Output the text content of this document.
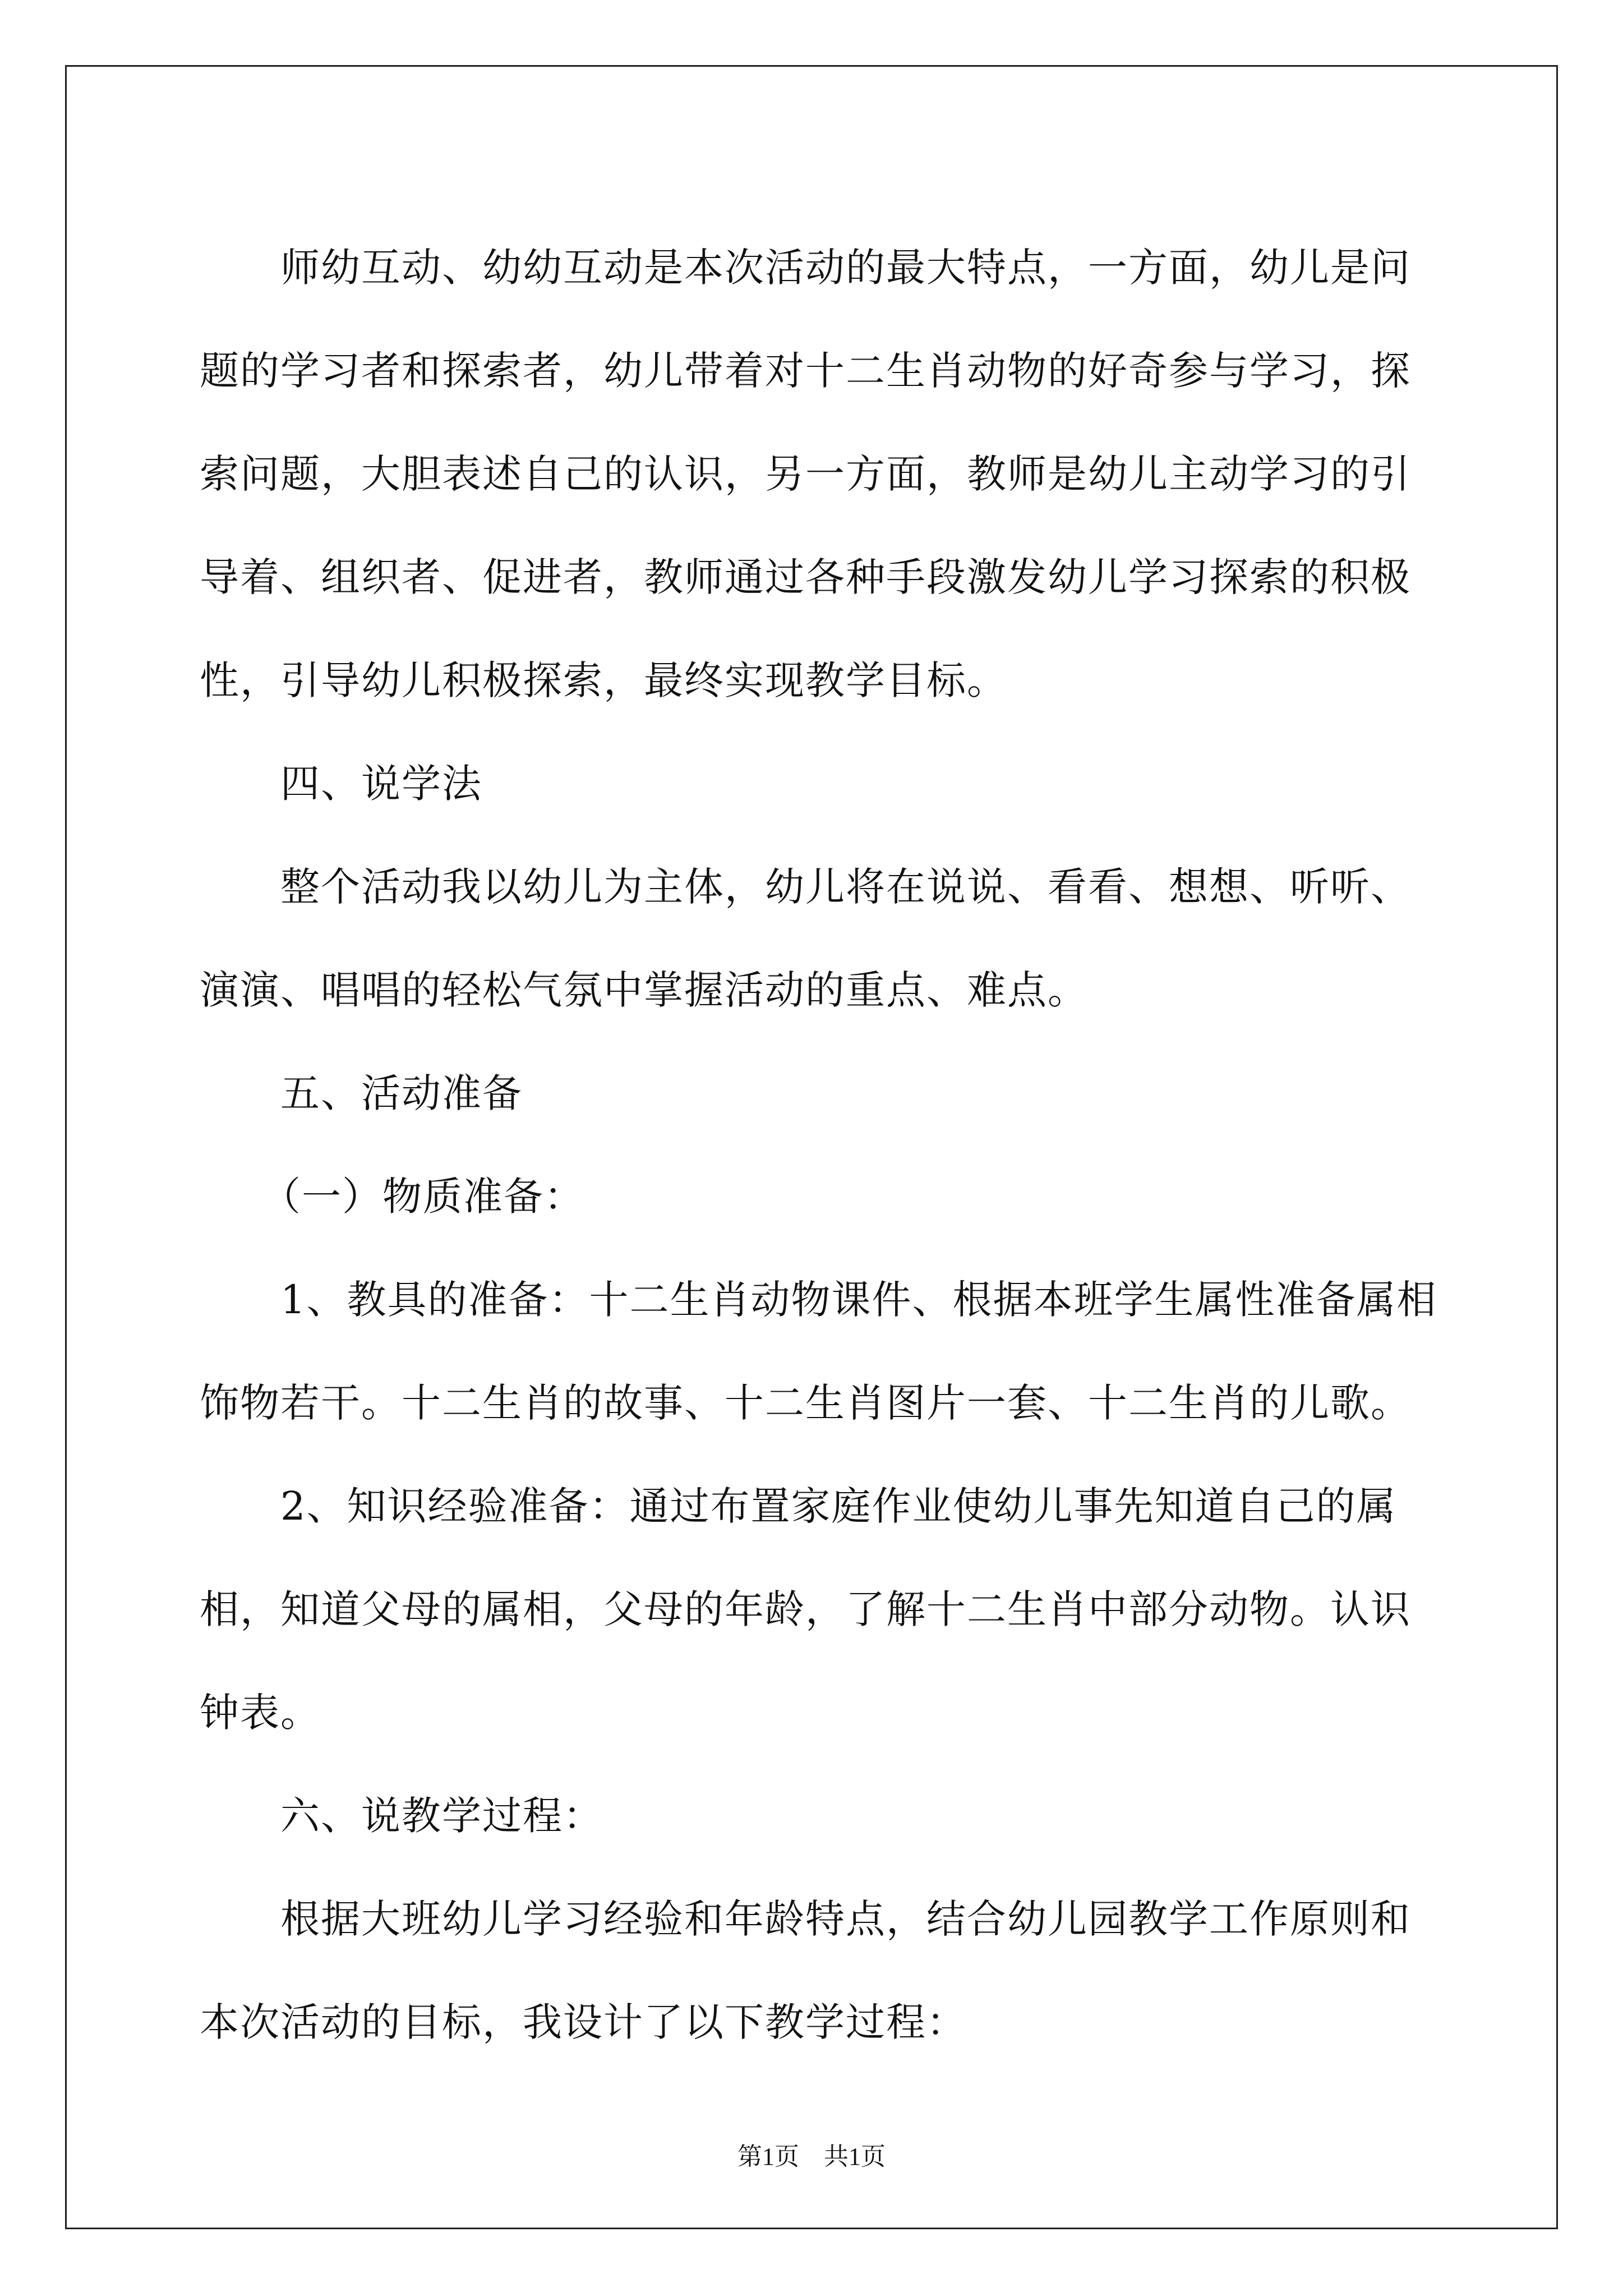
师幼互动、幼幼互动是本次活动的最大特点，一方面，幼儿是问题的学习者和探索者，幼儿带着对十二生肖动物的好奇参与学习，探索问题，大胆表述自己的认识，另一方面，教师是幼儿主动学习的引导着、组织者、促进者，教师通过各种手段激发幼儿学习探索的积极性，引导幼儿积极探索，最终实现教学目标。

四、说学法

整个活动我以幼儿为主体，幼儿将在说说、看看、想想、听听、演演、唱唱的轻松气氛中掌握活动的重点、难点。

五、活动准备

（一）物质准备：

1、教具的准备：十二生肖动物课件、根据本班学生属性准备属相饰物若干。十二生肖的故事、十二生肖图片一套、十二生肖的儿歌。

2、知识经验准备：通过布置家庭作业使幼儿事先知道自己的属相，知道父母的属相，父母的年龄，了解十二生肖中部分动物。认识钟表。

六、说教学过程：

根据大班幼儿学习经验和年龄特点，结合幼儿园教学工作原则和本次活动的目标，我设计了以下教学过程：

第1页　共1页
